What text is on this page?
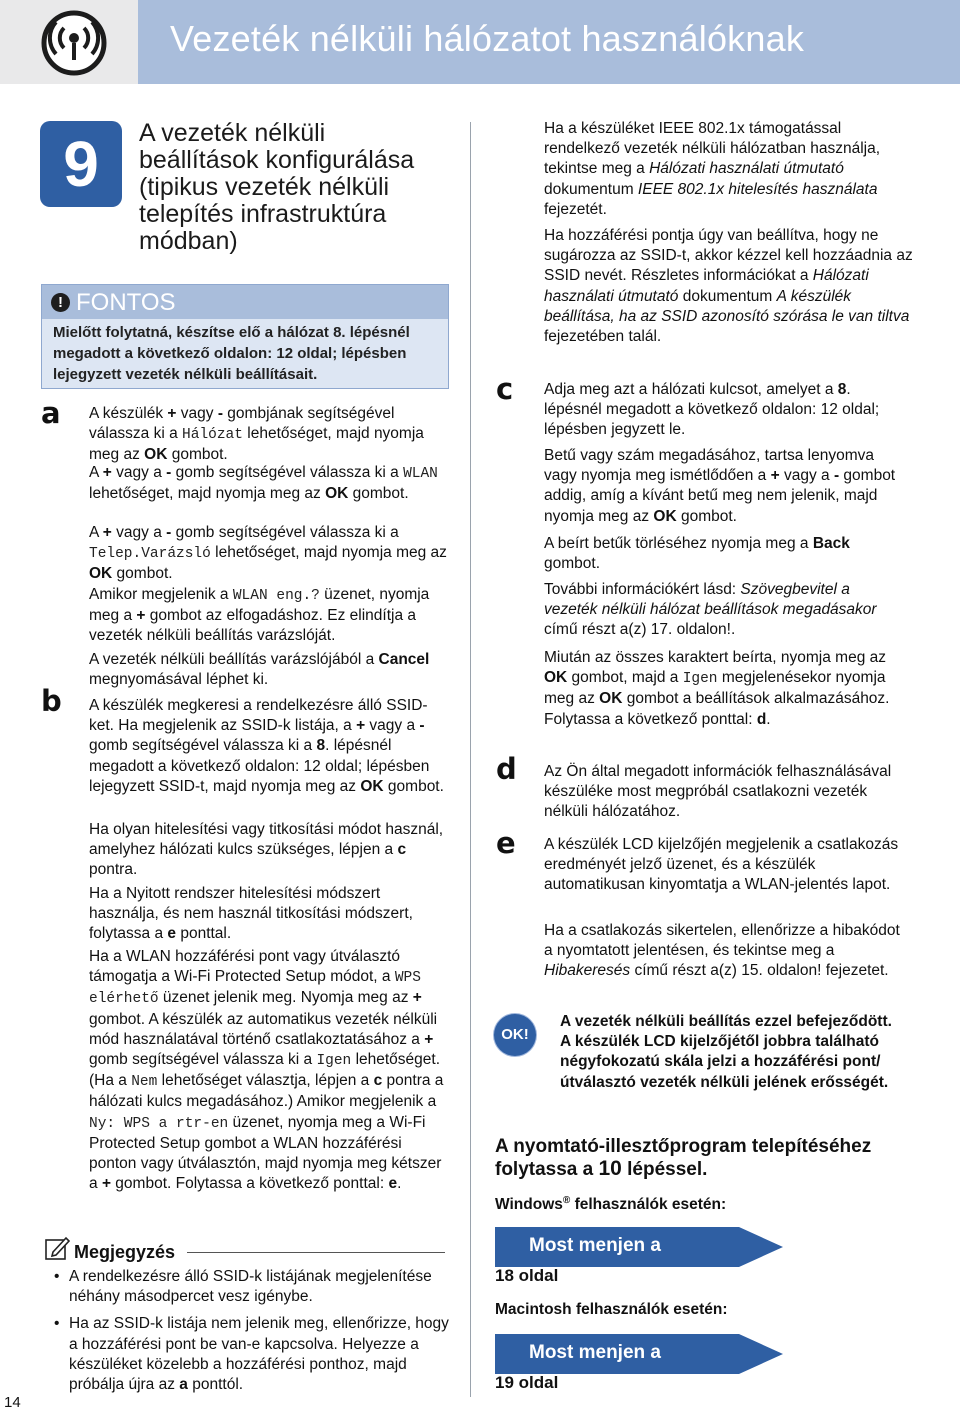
Vezeték nélküli hálózatot használóknak
9	A vezeték nélküli beállítások konfigurálása (tipikus vezeték nélküli telepítés infrastruktúra módban)
! FONTOS
Mielőtt folytatná, készítse elő a hálózat 8. lépésnél megadott a következő oldalon: 12 oldal; lépésben lejegyzett vezeték nélküli beállításait.
a A készülék + vagy - gombjának segítségével válassza ki a Hálózat lehetőséget, majd nyomja meg az OK gombot.
A + vagy a - gomb segítségével válassza ki a WLAN lehetőséget, majd nyomja meg az OK gombot.
A + vagy a - gomb segítségével válassza ki a Telep.Varázsló lehetőséget, majd nyomja meg az OK gombot.
Amikor megjelenik a WLAN eng.? üzenet, nyomja meg a + gombot az elfogadáshoz. Ez elindítja a vezeték nélküli beállítás varázslóját.
A vezeték nélküli beállítás varázslójából a Cancel megnyomásával léphet ki.
b A készülék megkeresi a rendelkezésre álló SSID-ket. Ha megjelenik az SSID-k listája, a + vagy a - gomb segítségével válassza ki a 8. lépésnél megadott a következő oldalon: 12 oldal; lépésben lejegyzett SSID-t, majd nyomja meg az OK gombot.
Ha olyan hitelesítési vagy titkosítási módot használ, amelyhez hálózati kulcs szükséges, lépjen a c pontra.
Ha a Nyitott rendszer hitelesítési módszert használja, és nem használ titkosítási módszert, folytassa a e ponttal.
Ha a WLAN hozzáférési pont vagy útválasztó támogatja a Wi-Fi Protected Setup módot, a WPS elérhető üzenet jelenik meg. Nyomja meg az + gombot. A készülék az automatikus vezeték nélküli mód használatával történő csatlakoztatásához a + gomb segítségével válassza ki a Igen lehetőséget. (Ha a Nem lehetőséget választja, lépjen a c pontra a hálózati kulcs megadásához.) Amikor megjelenik a Ny: WPS a rtr-en üzenet, nyomja meg a Wi-Fi Protected Setup gombot a WLAN hozzáférési ponton vagy útválasztón, majd nyomja meg kétszer a + gombot. Folytassa a következő ponttal: e.
Megjegyzés
• A rendelkezésre álló SSID-k listájának megjelenítése néhány másodpercet vesz igénybe.
• Ha az SSID-k listája nem jelenik meg, ellenőrizze, hogy a hozzáférési pont be van-e kapcsolva. Helyezze a készüléket közelebb a hozzáférési ponthoz, majd próbálja újra az a ponttól.
14
Ha a készüléket IEEE 802.1x támogatással rendelkező vezeték nélküli hálózatban használja, tekintse meg a Hálózati használati útmutató dokumentum IEEE 802.1x hitelesítés használata fejezetét.
Ha hozzáférési pontja úgy van beállítva, hogy ne sugározza az SSID-t, akkor kézzel kell hozzáadnia az SSID nevét. Részletes információkat a Hálózati használati útmutató dokumentum A készülék beállítása, ha az SSID azonosító szórása le van tiltva fejezetében talál.
c Adja meg azt a hálózati kulcsot, amelyet a 8. lépésnél megadott a következő oldalon: 12 oldal; lépésben jegyzett le.
Betű vagy szám megadásához, tartsa lenyomva vagy nyomja meg ismétlődően a + vagy a - gombot addig, amíg a kívánt betű meg nem jelenik, majd nyomja meg az OK gombot.
A beírt betűk törléséhez nyomja meg a Back gombot.
További információkért lásd: Szövegbevitel a vezeték nélküli hálózat beállítások megadásakor című részt a(z) 17. oldalon!.
Miután az összes karaktert beírta, nyomja meg az OK gombot, majd a Igen megjelenésekor nyomja meg az OK gombot a beállítások alkalmazásához. Folytassa a következő ponttal: d.
d Az Ön által megadott információk felhasználásával készüléke most megpróbál csatlakozni vezeték nélküli hálózatához.
e A készülék LCD kijelzőjén megjelenik a csatlakozás eredményét jelző üzenet, és a készülék automatikusan kinyomtatja a WLAN-jelentés lapot.
Ha a csatlakozás sikertelen, ellenőrizze a hibakódot a nyomtatott jelentésen, és tekintse meg a Hibakeresés című részt a(z) 15. oldalon! fejezetet.
OK!
A vezeték nélküli beállítás ezzel befejeződött. A készülék LCD kijelzőjétől jobbra található négyfokozatú skála jelzi a hozzáférési pont/útválasztó vezeték nélküli jelének erősségét.
A nyomtató-illesztőprogram telepítéséhez folytassa a 10 lépéssel.
Windows® felhasználók esetén:
Most menjen a
18 oldal
Macintosh felhasználók esetén:
Most menjen a
19 oldal
